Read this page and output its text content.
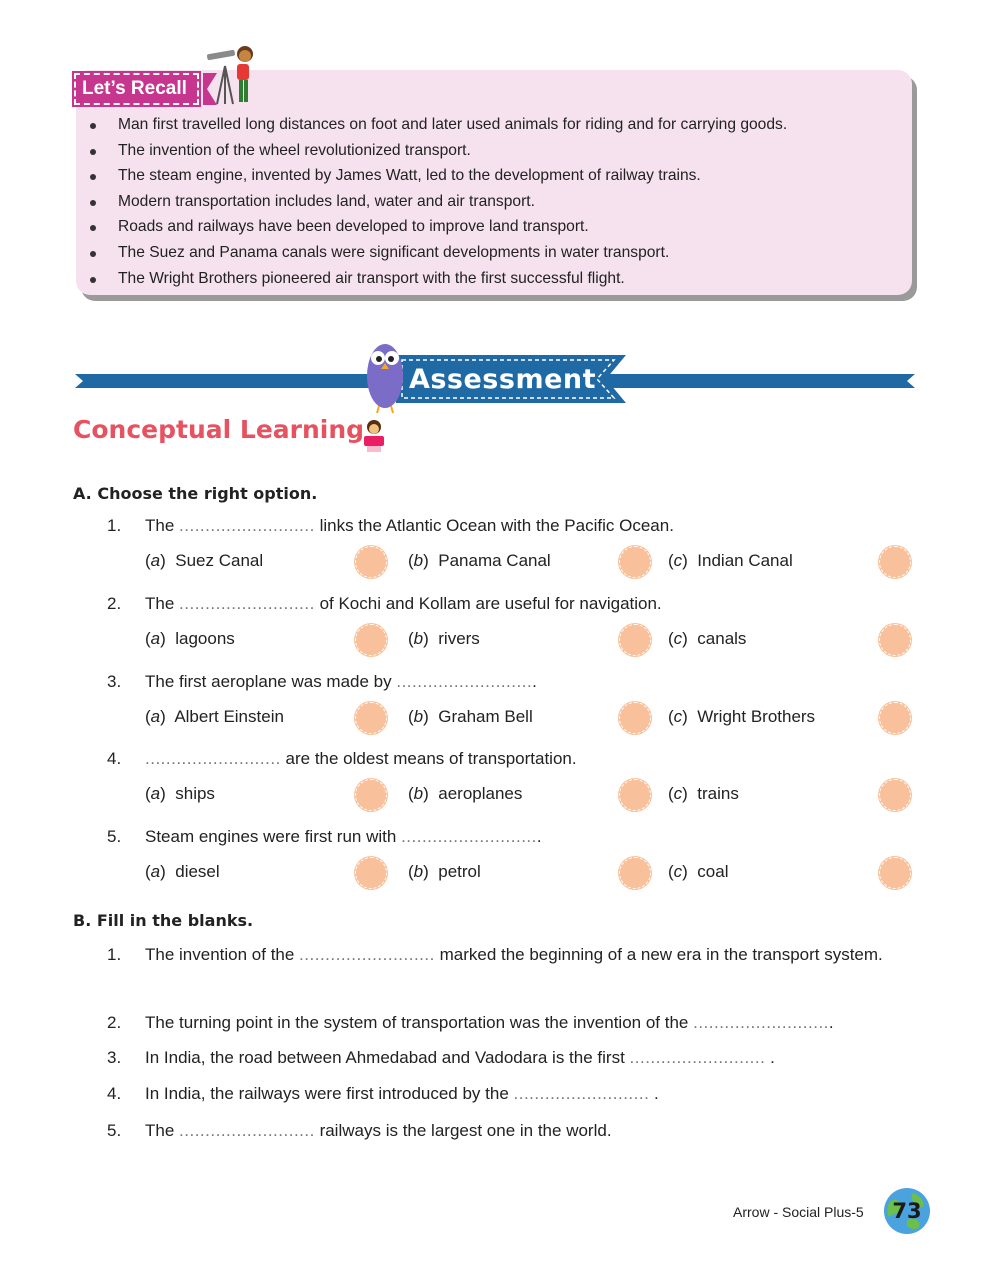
Let’s Recall
Man first travelled long distances on foot and later used animals for riding and for carrying goods.
The invention of the wheel revolutionized transport.
The steam engine, invented by James Watt, led to the development of railway trains.
Modern transportation includes land, water and air transport.
Roads and railways have been developed to improve land transport.
The Suez and Panama canals were significant developments in water transport.
The Wright Brothers pioneered air transport with the first successful flight.
Assessment
Conceptual Learning
A. Choose the right option.
1. The .......................... links the Atlantic Ocean with the Pacific Ocean.
(a)  Suez Canal	(b)  Panama Canal	(c)  Indian Canal
2. The .......................... of Kochi and Kollam are useful for navigation.
(a)  lagoons	(b)  rivers	(c)  canals
3. The first aeroplane was made by ...........................
(a)  Albert Einstein	(b)  Graham Bell	(c)  Wright Brothers
4. .......................... are the oldest means of transportation.
(a)  ships	(b)  aeroplanes	(c)  trains
5. Steam engines were first run with ...........................
(a)  diesel	(b)  petrol	(c)  coal
B. Fill in the blanks.
1. The invention of the .......................... marked the beginning of a new era in the transport system.
2. The turning point in the system of transportation was the invention of the ...........................
3. In India, the road between Ahmedabad and Vadodara is the first .......................... .
4. In India, the railways were first introduced by the .......................... .
5. The .......................... railways is the largest one in the world.
Arrow - Social Plus-5	73
